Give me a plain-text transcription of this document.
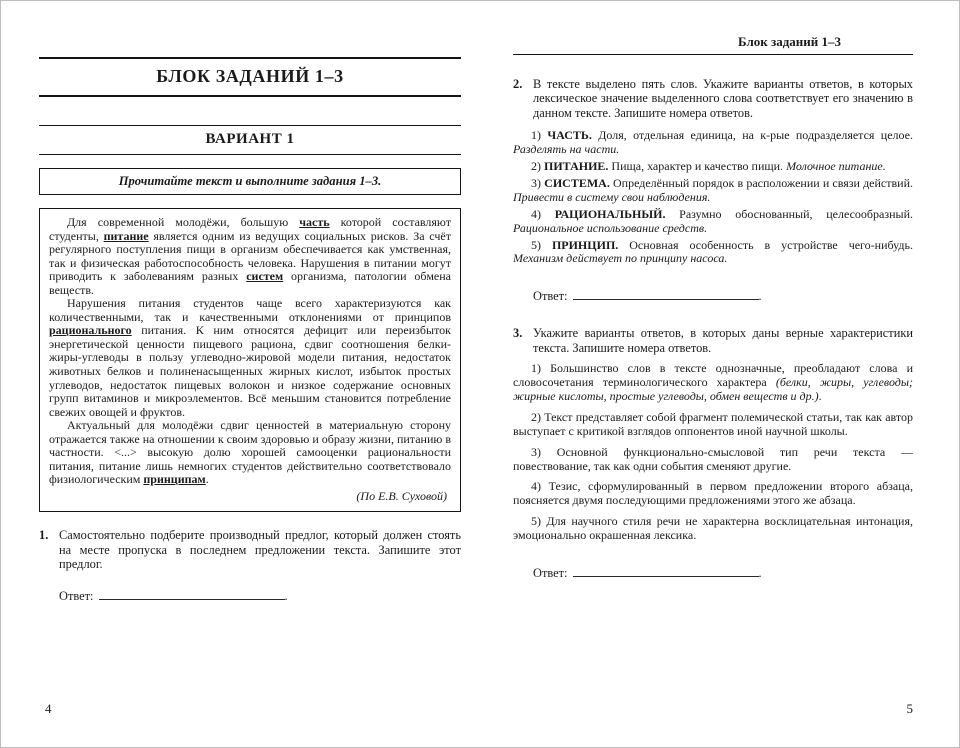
БЛОК ЗАДАНИЙ 1–3
ВАРИАНТ 1

Прочитайте текст и выполните задания 1–3.

Для современной молодёжи, большую часть которой составляют студенты, питание является одним из ведущих социальных рисков. За счёт регулярного поступления пищи в организм обеспечивается как умственная, так и физическая работоспособность человека. Нарушения в питании могут приводить к заболеваниям разных систем организма, патологии обмена веществ.

Нарушения питания студентов чаще всего характеризуются как количественными, так и качественными отклонениями от принципов рационального питания. К ним относятся дефицит или переизбыток энергетической ценности пищевого рациона, сдвиг соотношения белки-жиры-углеводы в пользу углеводно-жировой модели питания, недостаток животных белков и полиненасыщенных жирных кислот, избыток простых углеводов, недостаток пищевых волокон и низкое содержание основных групп витаминов и микроэлементов. Всё меньшим становится потребление свежих овощей и фруктов.

Актуальный для молодёжи сдвиг ценностей в материальную сторону отражается также на отношении к своим здоровью и образу жизни, питанию в частности. <...> высокую долю хорошей самооценки рациональности питания, питание лишь немногих студентов действительно соответствовало физиологическим принципам.

(По Е.В. Суховой)

1. Самостоятельно подберите производный предлог, который должен стоять на месте пропуска в последнем предложении текста. Запишите этот предлог.
Ответ:	.
4
Блок заданий 1–3
2. В тексте выделено пять слов. Укажите варианты ответов, в которых лексическое значение выделенного слова соответствует его значению в данном тексте. Запишите номера ответов.

1) ЧАСТЬ. Доля, отдельная единица, на к-рые подразделяется целое. Разделять на части.

2) ПИТАНИЕ. Пища, характер и качество пищи. Молочное питание.

3) СИСТЕМА. Определённый порядок в расположении и связи действий. Привести в систему свои наблюдения.

4) РАЦИОНАЛЬНЫЙ. Разумно обоснованный, целесообразный. Рациональное использование средств.

5) ПРИНЦИП. Основная особенность в устройстве чего-нибудь. Механизм действует по принципу насоса.

Ответ:	.
3. Укажите варианты ответов, в которых даны верные характеристики текста. Запишите номера ответов.

1) Большинство слов в тексте однозначные, преобладают слова и словосочетания терминологического характера (белки, жиры, углеводы; жирные кислоты, простые углеводы, обмен веществ и др.).

2) Текст представляет собой фрагмент полемической статьи, так как автор выступает с критикой взглядов оппонентов иной научной школы.

3) Основной функционально-смысловой тип речи текста — повествование, так как одни события сменяют другие.

4) Тезис, сформулированный в первом предложении второго абзаца, поясняется двумя последующими предложениями этого же абзаца.

5) Для научного стиля речи не характерна восклицательная интонация, эмоционально окрашенная лексика.

Ответ:	.
5
